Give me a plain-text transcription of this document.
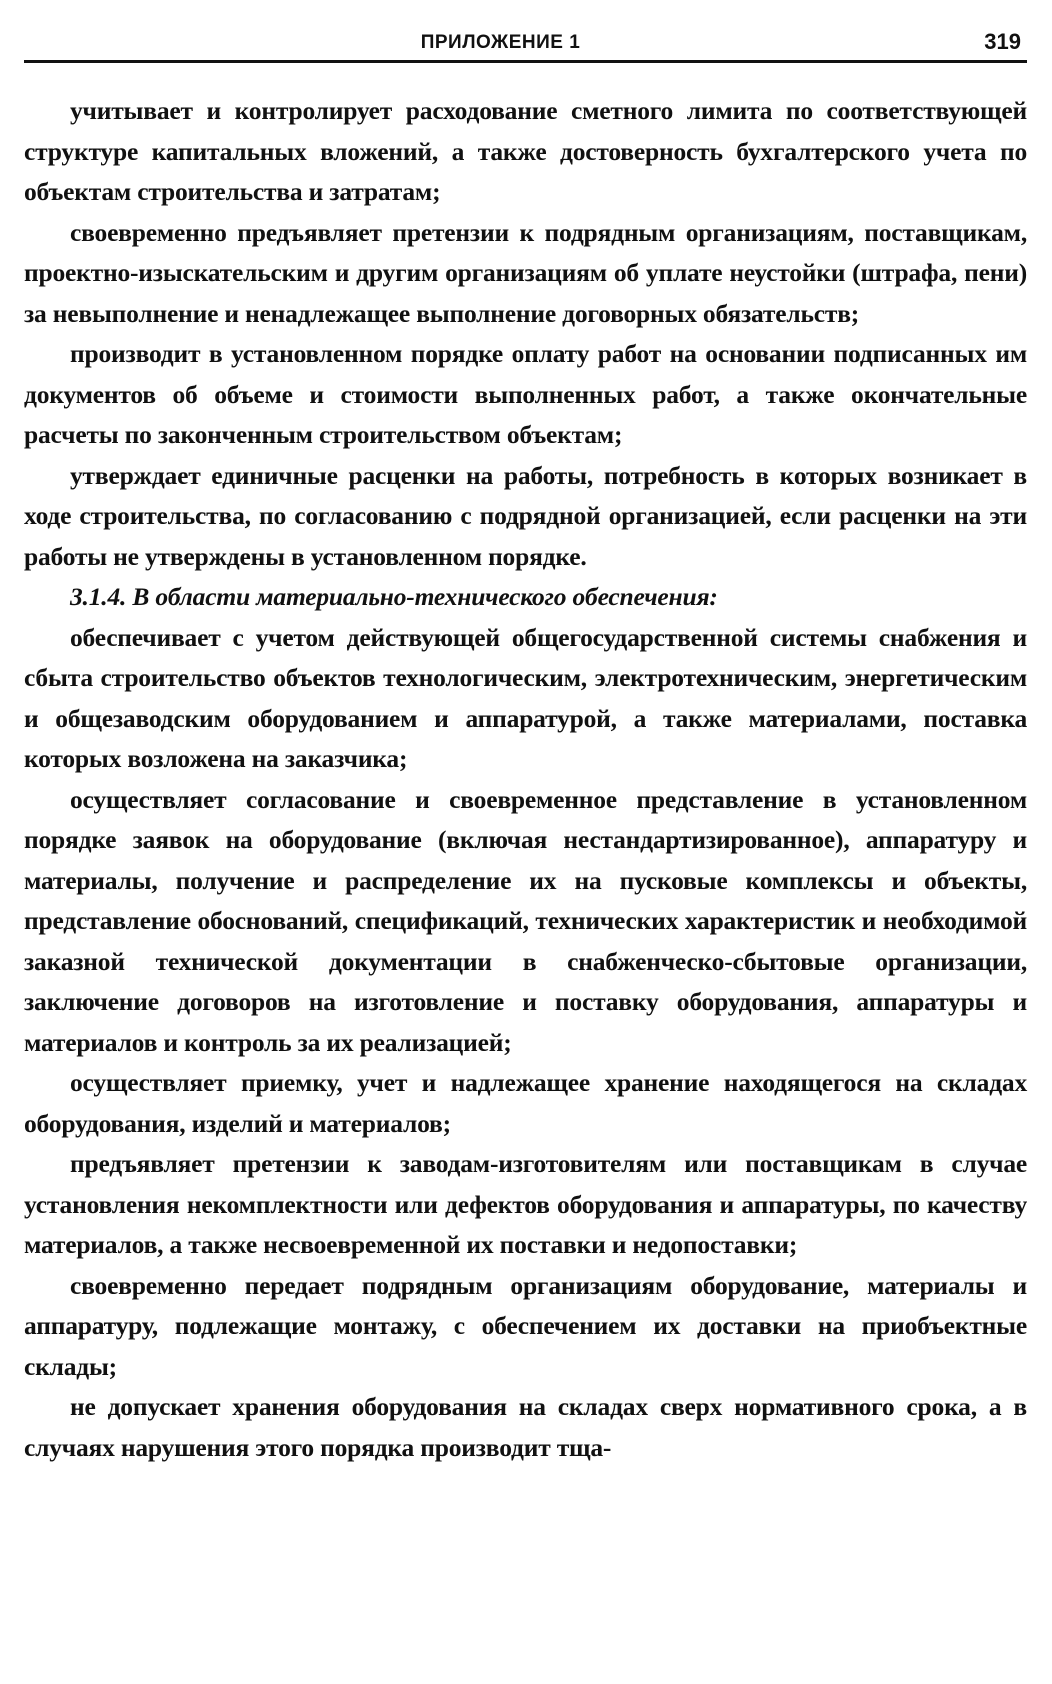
ПРИЛОЖЕНИЕ 1	319

учитывает и контролирует расходование сметного лимита по соответствующей структуре капитальных вложений, а также достоверность бухгалтерского учета по объектам строительства и затратам;

своевременно предъявляет претензии к подрядным организациям, поставщикам, проектно-изыскательским и другим организациям об уплате неустойки (штрафа, пени) за невыполнение и ненадлежащее выполнение договорных обязательств;

производит в установленном порядке оплату работ на основании подписанных им документов об объеме и стоимости выполненных работ, а также окончательные расчеты по законченным строительством объектам;

утверждает единичные расценки на работы, потребность в которых возникает в ходе строительства, по согласованию с подрядной организацией, если расценки на эти работы не утверждены в установленном порядке.

3.1.4. В области материально-технического обеспечения:

обеспечивает с учетом действующей общегосударственной системы снабжения и сбыта строительство объектов технологическим, электротехническим, энергетическим и общезаводским оборудованием и аппаратурой, а также материалами, поставка которых возложена на заказчика;

осуществляет согласование и своевременное представление в установленном порядке заявок на оборудование (включая нестандартизированное), аппаратуру и материалы, получение и распределение их на пусковые комплексы и объекты, представление обоснований, спецификаций, технических характеристик и необходимой заказной технической документации в снабженческо-сбытовые организации, заключение договоров на изготовление и поставку оборудования, аппаратуры и материалов и контроль за их реализацией;

осуществляет приемку, учет и надлежащее хранение находящегося на складах оборудования, изделий и материалов;

предъявляет претензии к заводам-изготовителям или поставщикам в случае установления некомплектности или дефектов оборудования и аппаратуры, по качеству материалов, а также несвоевременной их поставки и недопоставки;

своевременно передает подрядным организациям оборудование, материалы и аппаратуру, подлежащие монтажу, с обеспечением их доставки на приобъектные склады;

не допускает хранения оборудования на складах сверх нормативного срока, а в случаях нарушения этого порядка производит тща-
